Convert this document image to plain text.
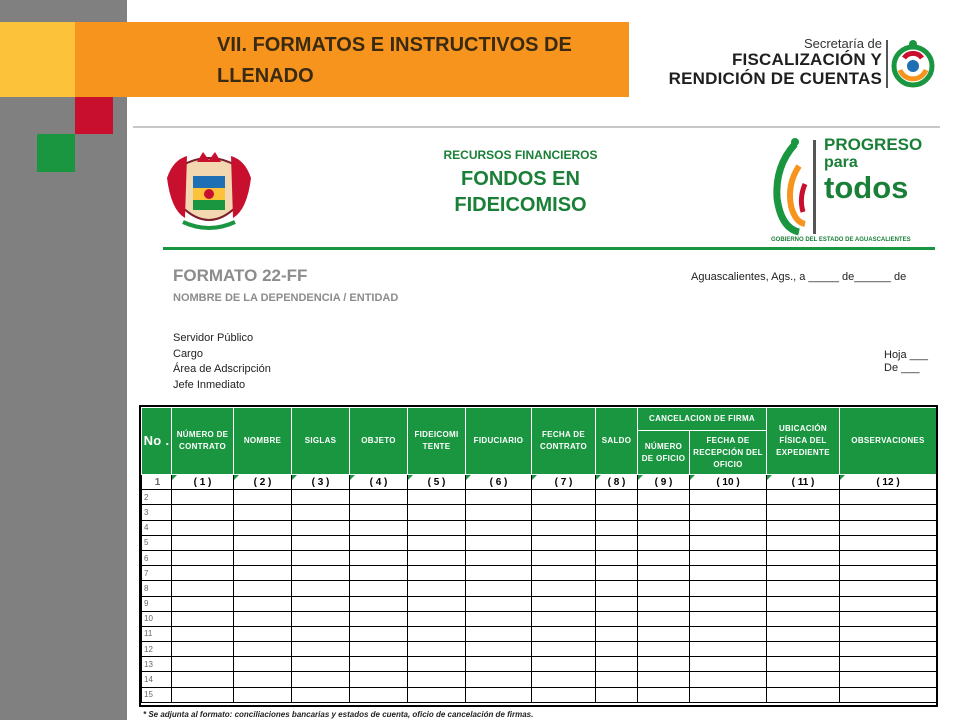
VII. FORMATOS E INSTRUCTIVOS DE LLENADO
Secretaría de
FISCALIZACIÓN Y
RENDICIÓN DE CUENTAS
RECURSOS FINANCIEROS
FONDOS EN FIDEICOMISO
PROGRESO
para
todos
GOBIERNO DEL ESTADO DE AGUASCALIENTES
FORMATO 22-FF
NOMBRE DE LA DEPENDENCIA / ENTIDAD
Aguascalientes, Ags., a _____ de______ de
Servidor Público
Cargo
Área de Adscripción
Jefe Inmediato
Hoja ___
De ___
No .	NÚMERO DE CONTRATO	NOMBRE	SIGLAS	OBJETO	FIDEICOMI TENTE	FIDUCIARIO	FECHA DE CONTRATO	SALDO	CANCELACION DE FIRMA		UBICACIÓN FÍSICA DEL EXPEDIENTE	OBSERVACIONES
									NÚMERO DE OFICIO	FECHA DE RECEPCIÓN DEL OFICIO		
1	( 1 )	( 2 )	( 3 )	( 4 )	( 5 )	( 6 )	( 7 )	( 8 )	( 9 )	( 10 )	( 11 )	( 12 )
2												
3												
4												
5												
6												
7												
8												
9												
10												
11												
12												
13												
14												
15												
* Se adjunta al formato: conciliaciones bancarias y estados de cuenta, oficio de cancelación de firmas.
